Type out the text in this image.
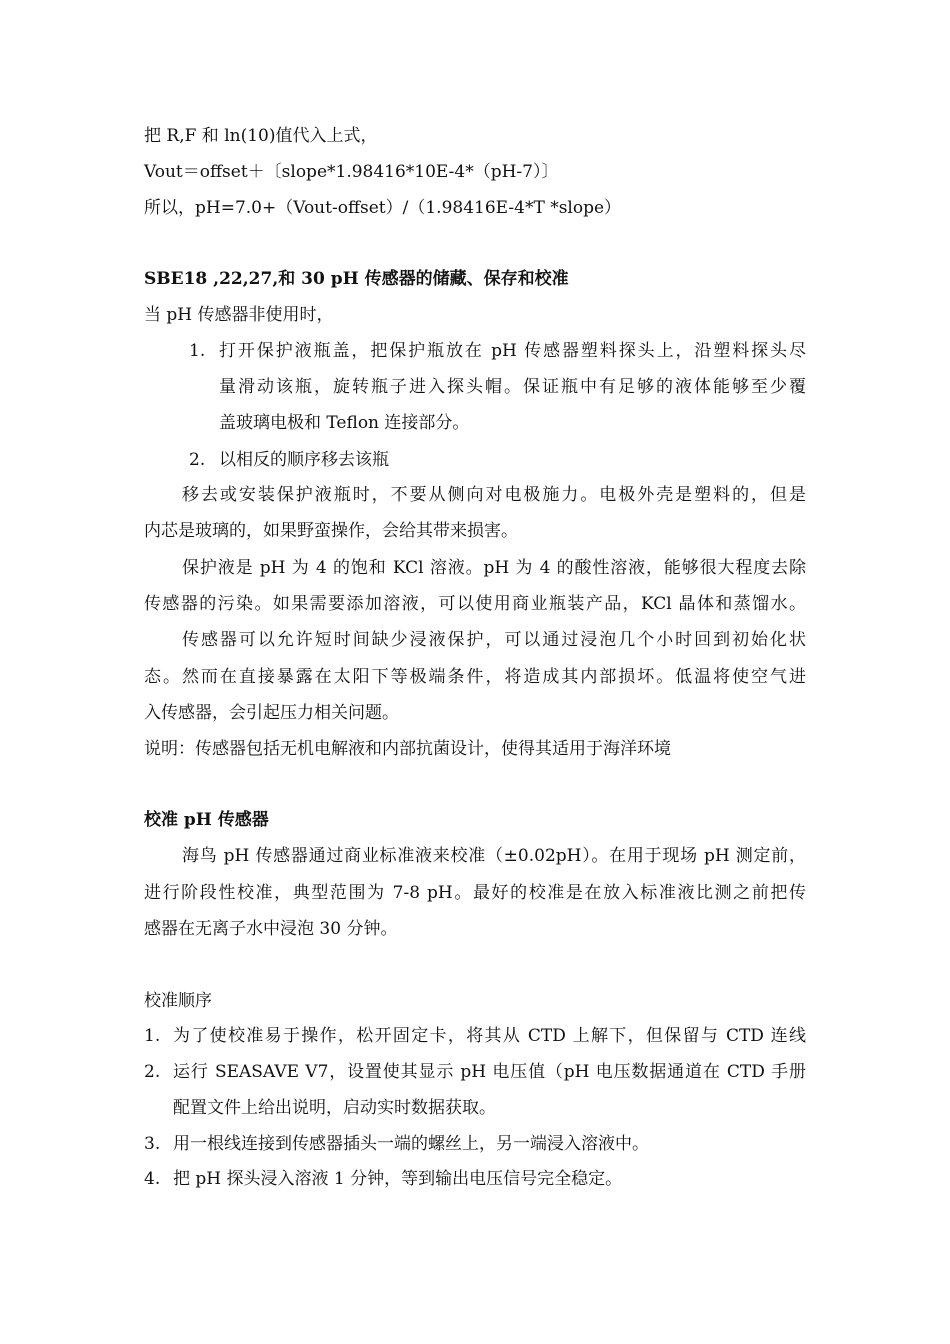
把 R,F 和 ln(10)值代入上式，
Vout＝offset＋〔slope*1.98416*10E-4*（pH-7）〕
所以，pH=7.0+（Vout-offset）/（1.98416E-4*T *slope）
SBE18 ,22,27,和 30 pH 传感器的储藏、保存和校准
当 pH 传感器非使用时，
1. 打开保护液瓶盖，把保护瓶放在 pH 传感器塑料探头上，沿塑料探头尽
量滑动该瓶，旋转瓶子进入探头帽。保证瓶中有足够的液体能够至少覆
盖玻璃电极和 Teflon 连接部分。
2. 以相反的顺序移去该瓶
移去或安装保护液瓶时，不要从侧向对电极施力。电极外壳是塑料的，但是
内芯是玻璃的，如果野蛮操作，会给其带来损害。
保护液是 pH 为 4 的饱和 KCl 溶液。pH 为 4 的酸性溶液，能够很大程度去除
传感器的污染。如果需要添加溶液，可以使用商业瓶装产品，KCl 晶体和蒸馏水。
传感器可以允许短时间缺少浸液保护，可以通过浸泡几个小时回到初始化状
态。然而在直接暴露在太阳下等极端条件，将造成其内部损坏。低温将使空气进
入传感器，会引起压力相关问题。
说明：传感器包括无机电解液和内部抗菌设计，使得其适用于海洋环境
校准 pH 传感器
海鸟 pH 传感器通过商业标准液来校准（±0.02pH）。在用于现场 pH 测定前，
进行阶段性校准，典型范围为 7-8 pH。最好的校准是在放入标准液比测之前把传
感器在无离子水中浸泡 30 分钟。
校准顺序
1. 为了使校准易于操作，松开固定卡，将其从 CTD 上解下，但保留与 CTD 连线
2. 运行 SEASAVE V7，设置使其显示 pH 电压值（pH 电压数据通道在 CTD 手册
配置文件上给出说明，启动实时数据获取。
3. 用一根线连接到传感器插头一端的螺丝上，另一端浸入溶液中。
4. 把 pH 探头浸入溶液 1 分钟，等到输出电压信号完全稳定。
